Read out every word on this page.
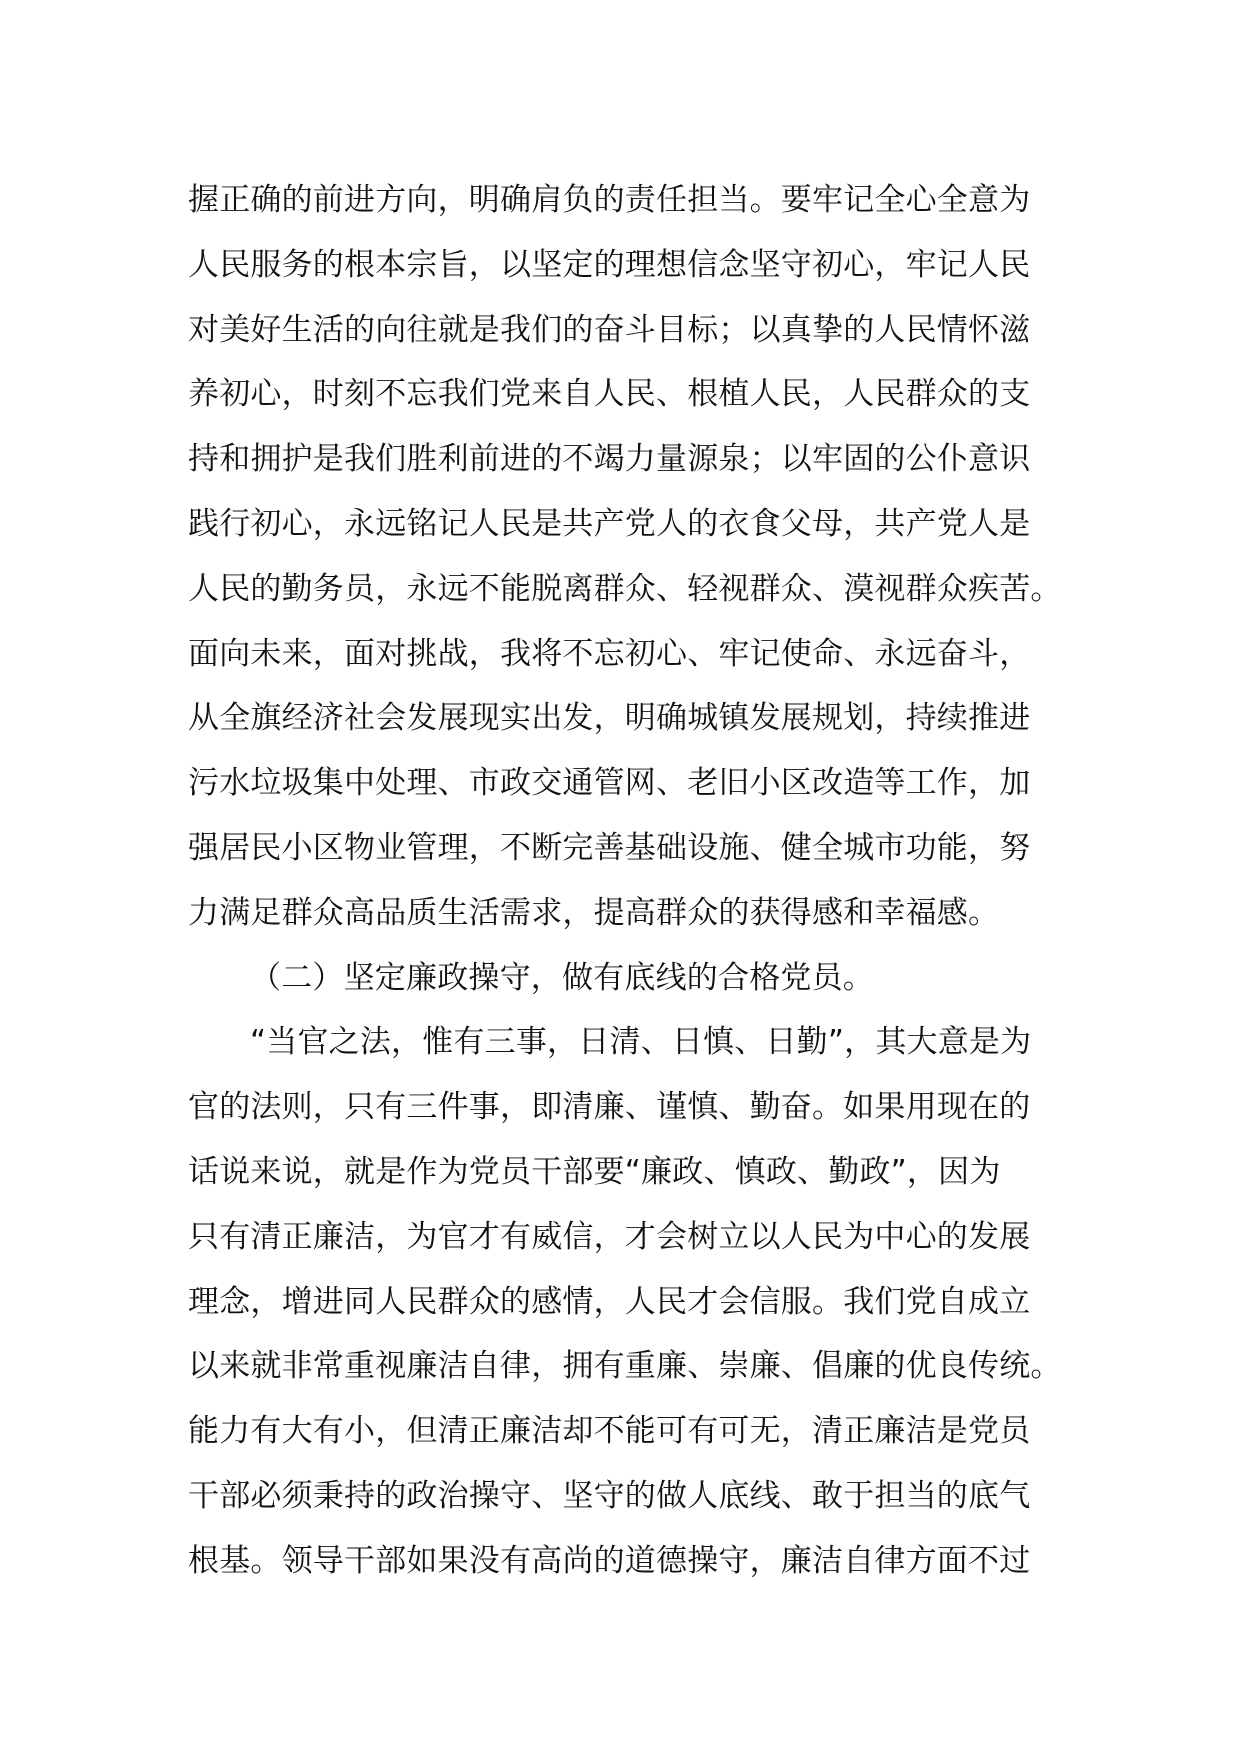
握正确的前进方向，明确肩负的责任担当。要牢记全心全意为
人民服务的根本宗旨，以坚定的理想信念坚守初心，牢记人民
对美好生活的向往就是我们的奋斗目标；以真挚的人民情怀滋
养初心，时刻不忘我们党来自人民、根植人民，人民群众的支
持和拥护是我们胜利前进的不竭力量源泉；以牢固的公仆意识
践行初心，永远铭记人民是共产党人的衣食父母，共产党人是
人民的勤务员，永远不能脱离群众、轻视群众、漠视群众疾苦。
面向未来，面对挑战，我将不忘初心、牢记使命、永远奋斗，
从全旗经济社会发展现实出发，明确城镇发展规划，持续推进
污水垃圾集中处理、市政交通管网、老旧小区改造等工作，加
强居民小区物业管理，不断完善基础设施、健全城市功能，努
力满足群众高品质生活需求，提高群众的获得感和幸福感。
（二）坚定廉政操守，做有底线的合格党员。
“当官之法，惟有三事，日清、日慎、日勤”，其大意是为
官的法则，只有三件事，即清廉、谨慎、勤奋。如果用现在的
话说来说，就是作为党员干部要“廉政、慎政、勤政”，因为
只有清正廉洁，为官才有威信，才会树立以人民为中心的发展
理念，增进同人民群众的感情，人民才会信服。我们党自成立
以来就非常重视廉洁自律，拥有重廉、崇廉、倡廉的优良传统。
能力有大有小，但清正廉洁却不能可有可无，清正廉洁是党员
干部必须秉持的政治操守、坚守的做人底线、敢于担当的底气
根基。领导干部如果没有高尚的道德操守，廉洁自律方面不过
